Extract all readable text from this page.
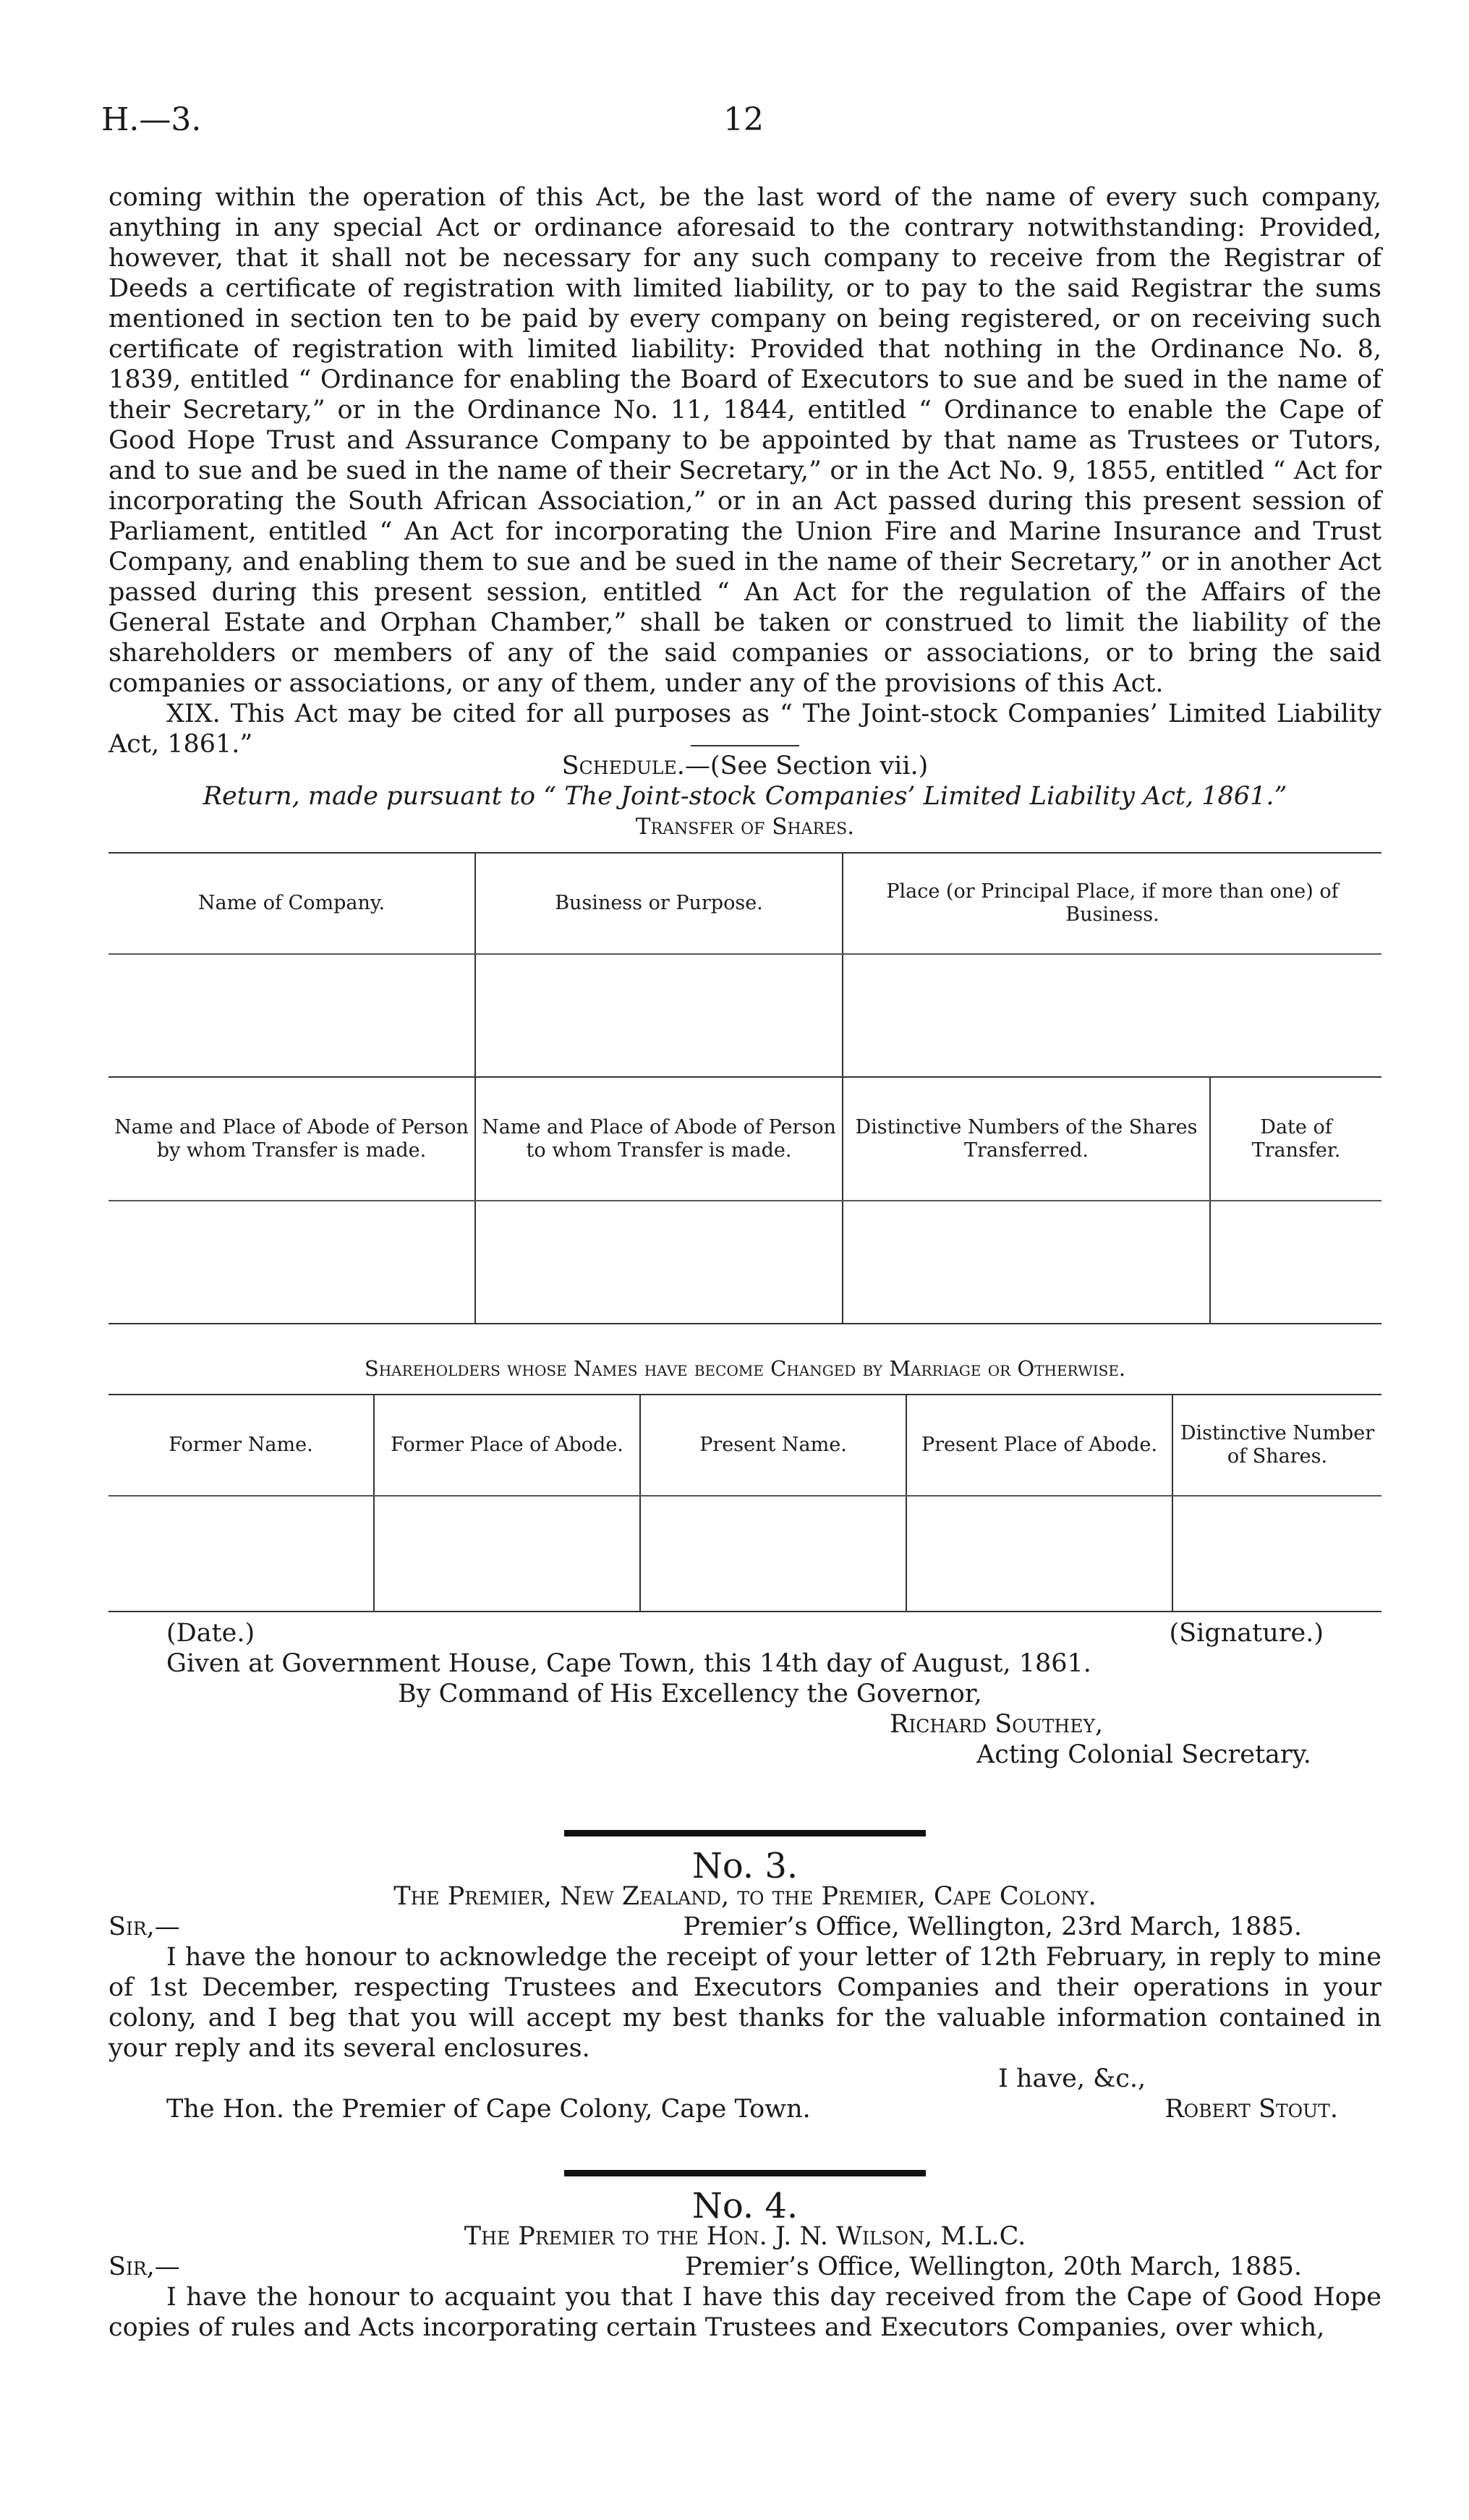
H.—3.	12

coming within the operation of this Act, be the last word of the name of every such company, anything in any special Act or ordinance aforesaid to the contrary notwithstanding: Provided, however, that it shall not be necessary for any such company to receive from the Registrar of Deeds a certificate of registration with limited liability, or to pay to the said Registrar the sums mentioned in section ten to be paid by every company on being registered, or on receiving such certificate of registration with limited liability: Provided that nothing in the Ordinance No. 8, 1839, entitled “ Ordinance for enabling the Board of Executors to sue and be sued in the name of their Secretary,” or in the Ordinance No. 11, 1844, entitled “ Ordinance to enable the Cape of Good Hope Trust and Assurance Company to be appointed by that name as Trustees or Tutors, and to sue and be sued in the name of their Secretary,” or in the Act No. 9, 1855, entitled “ Act for incorporating the South African Association,” or in an Act passed during this present session of Parliament, entitled “ An Act for incorporating the Union Fire and Marine Insurance and Trust Company, and enabling them to sue and be sued in the name of their Secretary,” or in another Act passed during this present session, entitled “ An Act for the regulation of the Affairs of the General Estate and Orphan Chamber,” shall be taken or construed to limit the liability of the shareholders or members of any of the said companies or associations, or to bring the said companies or associations, or any of them, under any of the provisions of this Act.

XIX. This Act may be cited for all purposes as “ The Joint-stock Companies’ Limited Liability Act, 1861.”

Schedule.—(See Section vii.)
Return, made pursuant to “ The Joint-stock Companies’ Limited Liability Act, 1861.”
Transfer of Shares.
Name of Company.	Business or Purpose.	Place (or Principal Place, if more than one) of Business.

Name and Place of Abode of Person by whom Transfer is made.	Name and Place of Abode of Person to whom Transfer is made.	Distinctive Numbers of the Shares Transferred.	Date of Transfer.

Shareholders whose Names have become Changed by Marriage or Otherwise.
Former Name.	Former Place of Abode.	Present Name.	Present Place of Abode.	Distinctive Number of Shares.

(Date.)	(Signature.)
Given at Government House, Cape Town, this 14th day of August, 1861.
By Command of His Excellency the Governor,
Richard Southey,
Acting Colonial Secretary.
No. 3.
The Premier, New Zealand, to the Premier, Cape Colony.
Sir,—	Premier’s Office, Wellington, 23rd March, 1885.

I have the honour to acknowledge the receipt of your letter of 12th February, in reply to mine of 1st December, respecting Trustees and Executors Companies and their operations in your colony, and I beg that you will accept my best thanks for the valuable information contained in your reply and its several enclosures.

I have, &c.,
The Hon. the Premier of Cape Colony, Cape Town.	Robert Stout.
No. 4.
The Premier to the Hon. J. N. Wilson, M.L.C.
Sir,—	Premier’s Office, Wellington, 20th March, 1885.

I have the honour to acquaint you that I have this day received from the Cape of Good Hope copies of rules and Acts incorporating certain Trustees and Executors Companies, over which,
